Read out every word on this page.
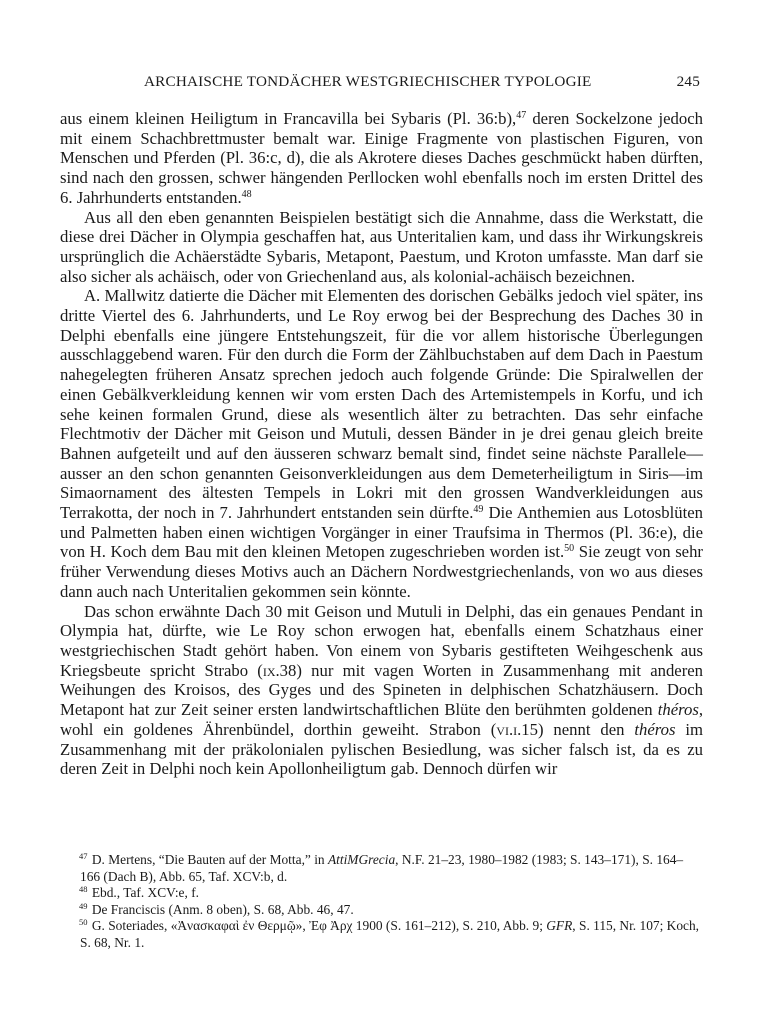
ARCHAISCHE TONDÄCHER WESTGRIECHISCHER TYPOLOGIE	245

aus einem kleinen Heiligtum in Francavilla bei Sybaris (Pl. 36:b),$^{47}$ deren Sockelzone jedoch mit einem Schachbrettmuster bemalt war. Einige Fragmente von plastischen Figuren, von Menschen und Pferden (Pl. 36:c, d), die als Akrotere dieses Daches geschmückt haben dürften, sind nach den grossen, schwer hängenden Perllocken wohl ebenfalls noch im ersten Drittel des 6. Jahrhunderts entstanden.$^{48}$

Aus all den eben genannten Beispielen bestätigt sich die Annahme, dass die Werkstatt, die diese drei Dächer in Olympia geschaffen hat, aus Unteritalien kam, und dass ihr Wirkungskreis ursprünglich die Achäerstädte Sybaris, Metapont, Paestum, und Kroton umfasste. Man darf sie also sicher als achäisch, oder von Griechenland aus, als kolonial-achäisch bezeichnen.

A. Mallwitz datierte die Dächer mit Elementen des dorischen Gebälks jedoch viel später, ins dritte Viertel des 6. Jahrhunderts, und Le Roy erwog bei der Besprechung des Daches 30 in Delphi ebenfalls eine jüngere Entstehungszeit, für die vor allem historische Überlegungen ausschlaggebend waren. Für den durch die Form der Zählbuchstaben auf dem Dach in Paestum nahegelegten früheren Ansatz sprechen jedoch auch folgende Gründe: Die Spiralwellen der einen Gebälkverkleidung kennen wir vom ersten Dach des Artemistempels in Korfu, und ich sehe keinen formalen Grund, diese als wesentlich älter zu betrachten. Das sehr einfache Flechtmotiv der Dächer mit Geison und Mutuli, dessen Bänder in je drei genau gleich breite Bahnen aufgeteilt und auf den äusseren schwarz bemalt sind, findet seine nächste Parallele—ausser an den schon genannten Geisonverkleidungen aus dem Demeterheiligtum in Siris—im Simaornament des ältesten Tempels in Lokri mit den grossen Wandverkleidungen aus Terrakotta, der noch in 7. Jahrhundert entstanden sein dürfte.$^{49}$ Die Anthemien aus Lotosblüten und Palmetten haben einen wichtigen Vorgänger in einer Traufsima in Thermos (Pl. 36:e), die von H. Koch dem Bau mit den kleinen Metopen zugeschrieben worden ist.$^{50}$ Sie zeugt von sehr früher Verwendung dieses Motivs auch an Dächern Nordwestgriechenlands, von wo aus dieses dann auch nach Unteritalien gekommen sein könnte.

Das schon erwähnte Dach 30 mit Geison und Mutuli in Delphi, das ein genaues Pendant in Olympia hat, dürfte, wie Le Roy schon erwogen hat, ebenfalls einem Schatzhaus einer westgriechischen Stadt gehört haben. Von einem von Sybaris gestifteten Weihgeschenk aus Kriegsbeute spricht Strabo (ix.38) nur mit vagen Worten in Zusammenhang mit anderen Weihungen des Kroisos, des Gyges und des Spineten in delphischen Schatzhäusern. Doch Metapont hat zur Zeit seiner ersten landwirtschaftlichen Blüte den berühmten goldenen théros, wohl ein goldenes Ährenbündel, dorthin geweiht. Strabon (vi.i.15) nennt den théros im Zusammenhang mit der präkolonialen pylischen Besiedlung, was sicher falsch ist, da es zu deren Zeit in Delphi noch kein Apollonheiligtum gab. Dennoch dürfen wir

$^{47}$ D. Mertens, “Die Bauten auf der Motta,” in AttiMGrecia, N.F. 21–23, 1980–1982 (1983; S. 143–171), S. 164–166 (Dach B), Abb. 65, Taf. XCV:b, d.

$^{48}$ Ebd., Taf. XCV:e, f.

$^{49}$ De Franciscis (Anm. 8 oben), S. 68, Abb. 46, 47.

$^{50}$ G. Soteriades, «Ἀνασκαφαὶ ἐν Θερμῷ», Ἐφ Ἀρχ 1900 (S. 161–212), S. 210, Abb. 9; GFR, S. 115, Nr. 107; Koch, S. 68, Nr. 1.
